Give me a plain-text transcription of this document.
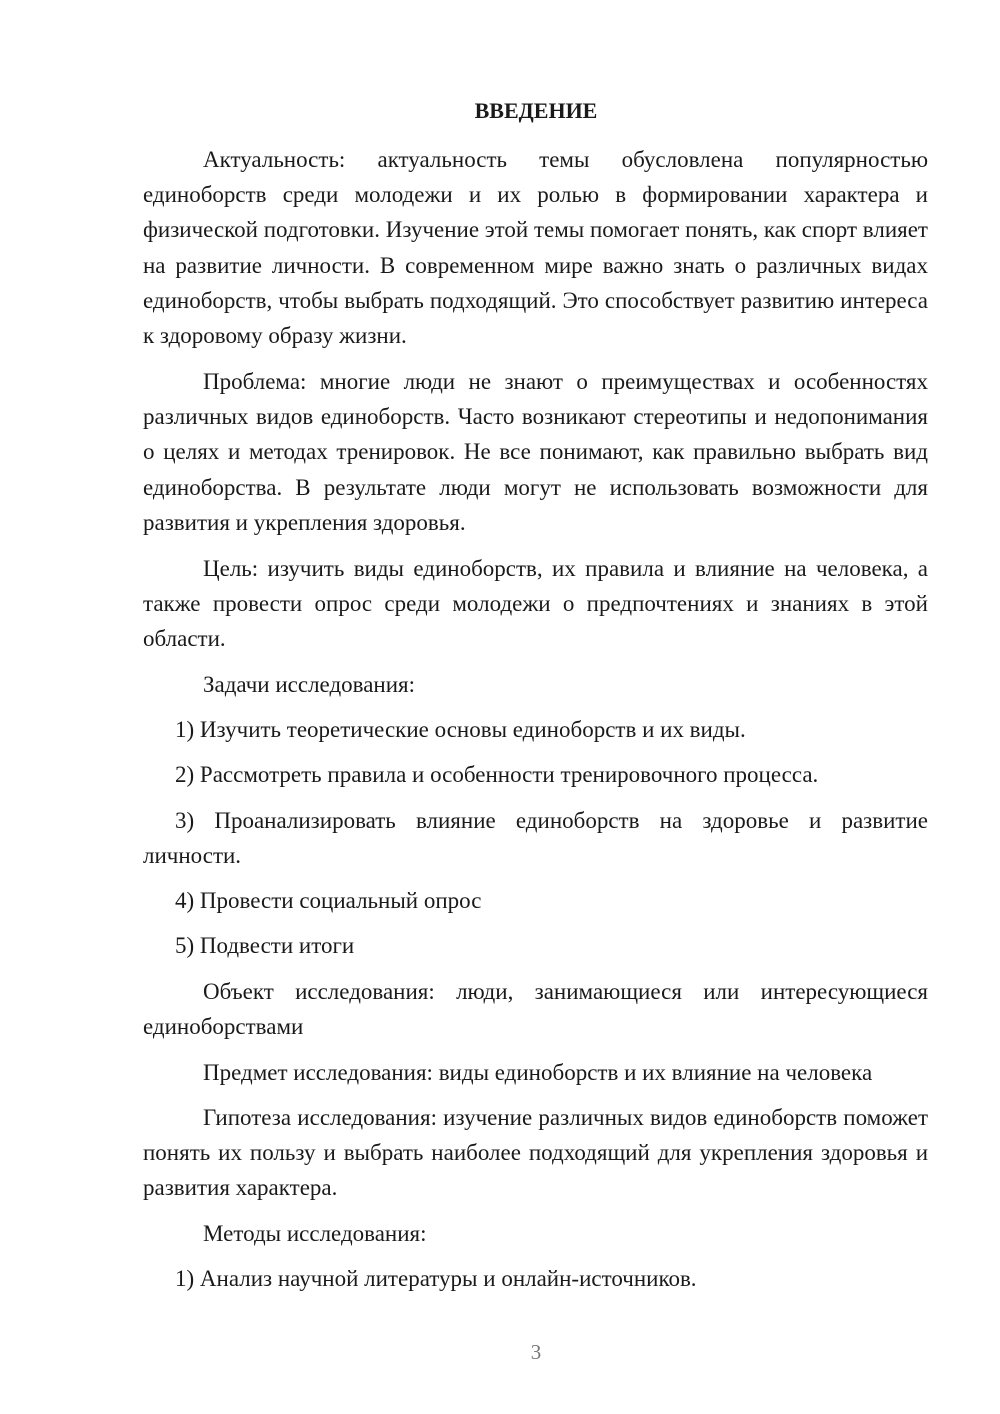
ВВЕДЕНИЕ

Актуальность: актуальность темы обусловлена популярностью единоборств среди молодежи и их ролью в формировании характера и физической подготовки. Изучение этой темы помогает понять, как спорт влияет на развитие личности. В современном мире важно знать о различных видах единоборств, чтобы выбрать подходящий. Это способствует развитию интереса к здоровому образу жизни.

Проблема: многие люди не знают о преимуществах и особенностях различных видов единоборств. Часто возникают стереотипы и недопонимания о целях и методах тренировок. Не все понимают, как правильно выбрать вид единоборства. В результате люди могут не использовать возможности для развития и укрепления здоровья.

Цель: изучить виды единоборств, их правила и влияние на человека, а также провести опрос среди молодежи о предпочтениях и знаниях в этой области.

Задачи исследования:
1) Изучить теоретические основы единоборств и их виды.
2) Рассмотреть правила и особенности тренировочного процесса.

3) Проанализировать влияние единоборств на здоровье и развитие личности.

4) Провести социальный опрос
5) Подвести итоги

Объект исследования: люди, занимающиеся или интересующиеся единоборствами

Предмет исследования: виды единоборств и их влияние на человека

Гипотеза исследования: изучение различных видов единоборств поможет понять их пользу и выбрать наиболее подходящий для укрепления здоровья и развития характера.

Методы исследования:
1) Анализ научной литературы и онлайн-источников.
3
